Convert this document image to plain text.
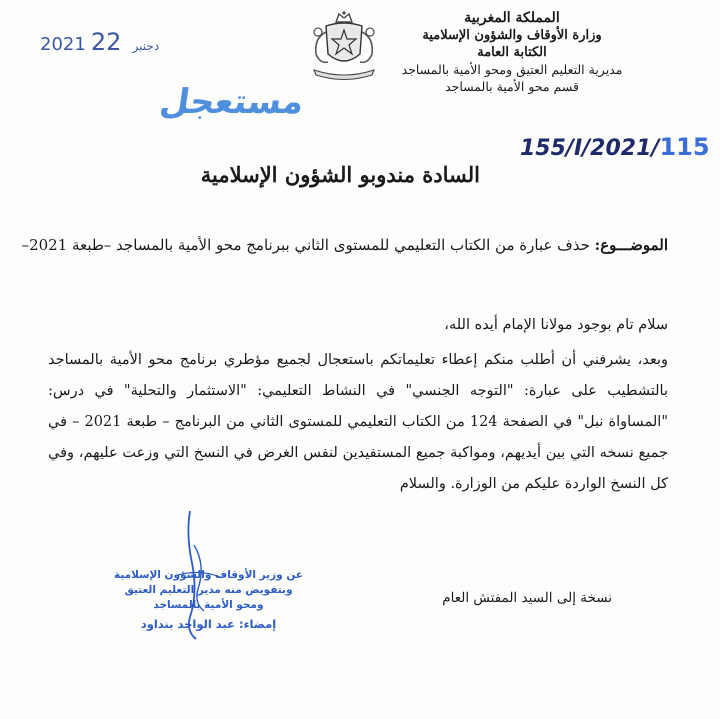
المملكة المغربية
وزارة الأوقاف والشؤون الإسلامية
الكتابة العامة
مديرية التعليم العتيق ومحو الأمية بالمساجد
قسم محو الأمية بالمساجد
2021	دجنبر 22
مستعجل
155/I/2021/115
السادة مندوبو الشؤون الإسلامية
الموضـــوع: حذف عبارة من الكتاب التعليمي للمستوى الثاني ببرنامج محو الأمية بالمساجد –طبعة 2021–

سلام تام بوجود مولانا الإمام أيده الله،

وبعد، يشرفني أن أطلب منكم إعطاء تعليماتكم باستعجال لجميع مؤطري برنامج محو الأمية بالمساجد بالتشطيب على عبارة: "التوجه الجنسي" في النشاط التعليمي: "الاستثمار والتحلية" في درس: "المساواة نبل" في الصفحة 124 من الكتاب التعليمي للمستوى الثاني من البرنامج – طبعة 2021 – في جميع نسخه التي بين أيديهم، ومواكبة جميع المستفيدين لنفس الغرض في النسخ التي وزعت عليهم، وفي كل النسخ الواردة عليكم من الوزارة. والسلام

عن وزير الأوقاف والشؤون الإسلامية
وبتفويض منه مدير التعليم العتيق
ومحو الأمية بالمساجد
إمضاء: عبد الواحد بنداود
نسخة إلى السيد المفتش العام
